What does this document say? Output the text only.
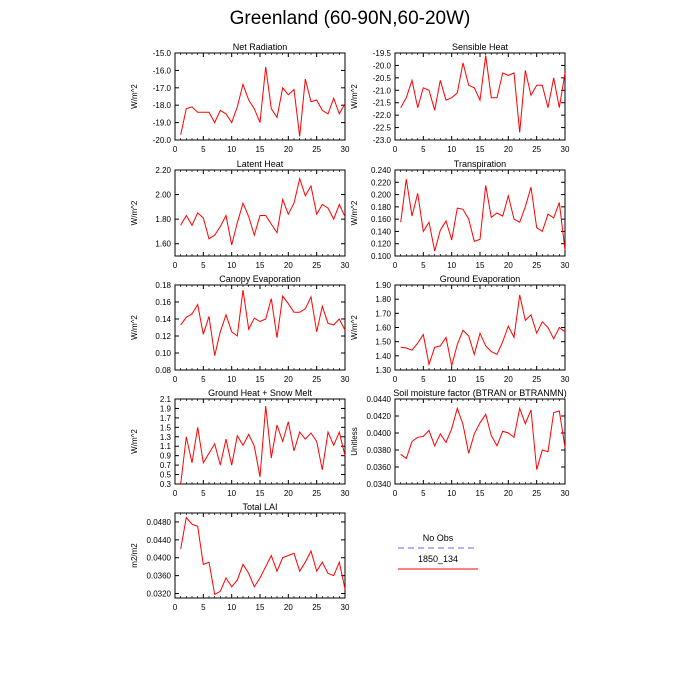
Greenland (60-90N,60-20W)
Net Radiation
0	5	10 15 20 25 30
-20.0
-19.0
-18.0
-17.0
-16.0
-15.0
W/m^2
Sensible Heat
0	5	10 15 20 25 30
-23.0
-22.5
-22.0
-21.5
-21.0
-20.5
-20.0
-19.5
W/m^2
Latent Heat
0	5	10 15 20 25 30
1.60
1.80
2.00
2.20
W/m^2
Transpiration
0	5	10 15 20 25 30
0.100
0.120
0.140
0.160
0.180
0.200
0.220
0.240
W/m^2
Canopy Evaporation
0	5	10 15 20 25 30
0.08
0.10
0.12
0.14
0.16
0.18
W/m^2
Ground Evaporation
0	5	10 15 20 25 30
1.30
1.40
1.50
1.60
1.70
1.80
1.90
W/m^2
Ground Heat + Snow Melt
0	5	10 15 20 25 30
0.3
0.5
0.7
0.9
1.1
1.3
1.5
1.7
1.9
2.1
W/m^2
Soil moisture factor (BTRAN or BTRANMN)
0	5	10 15 20 25 30
0.0340
0.0360
0.0380
0.0400
0.0420
0.0440
Unitless
Total LAI
0	5	10 15 20 25 30
0.0320
0.0360
0.0400
0.0440
0.0480
m2/m2
No Obs
1850_134
